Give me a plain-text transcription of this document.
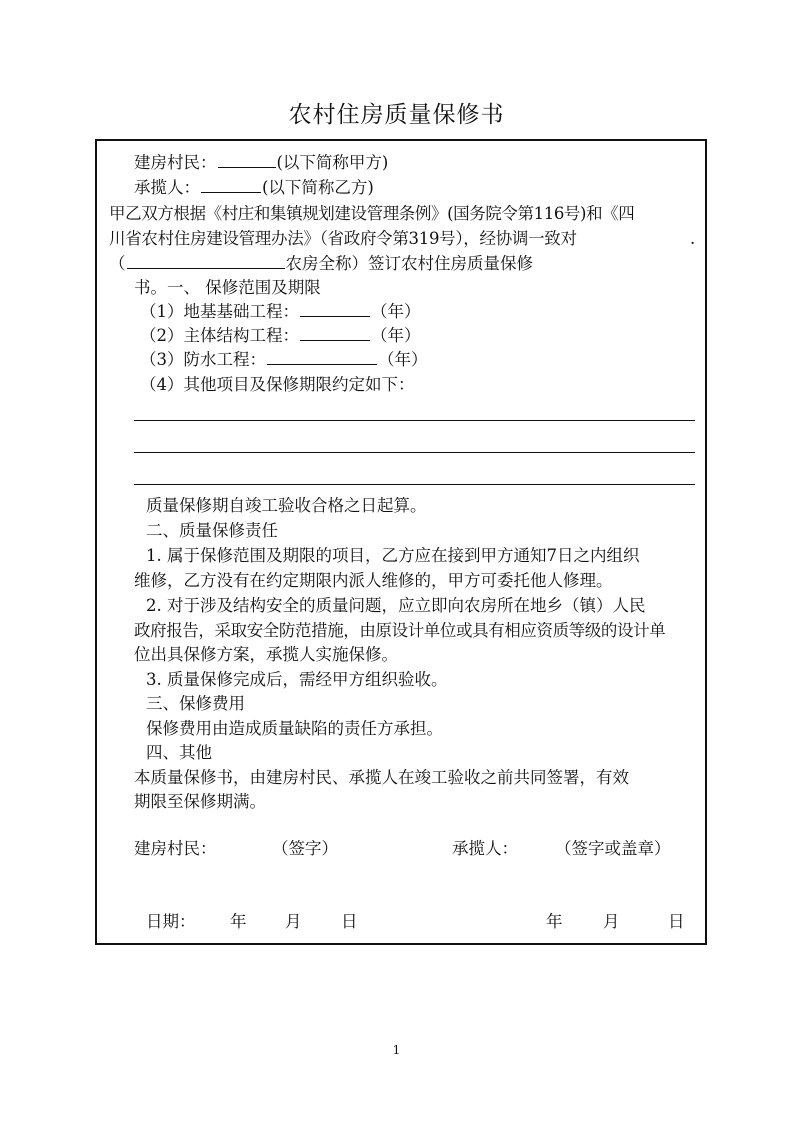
农村住房质量保修书
建房村民：	(以下简称甲方)
承揽人：	(以下简称乙方)
甲乙双方根据《村庄和集镇规划建设管理条例》(国务院令第116号)和《四
川省农村住房建设管理办法》（省政府令第319号），经协调一致对	.
（	农房全称）签订农村住房质量保修
书。一、 保修范围及期限
（1）地基基础工程：	（年）
（2）主体结构工程：	（年）
（3）防水工程：	（年）
（4）其他项目及保修期限约定如下：
质量保修期自竣工验收合格之日起算。
二、质量保修责任
1. 属于保修范围及期限的项目，乙方应在接到甲方通知7日之内组织
维修，乙方没有在约定期限内派人维修的，甲方可委托他人修理。
2. 对于涉及结构安全的质量问题，应立即向农房所在地乡（镇）人民
政府报告，采取安全防范措施，由原设计单位或具有相应资质等级的设计单
位出具保修方案，承揽人实施保修。
3. 质量保修完成后，需经甲方组织验收。
三、保修费用
保修费用由造成质量缺陷的责任方承担。
四、其他
本质量保修书，由建房村民、承揽人在竣工验收之前共同签署，有效
期限至保修期满。
建房村民：	（签字）	承揽人： （签字或盖章）
日期： 年 月 日	年 月	日
1
